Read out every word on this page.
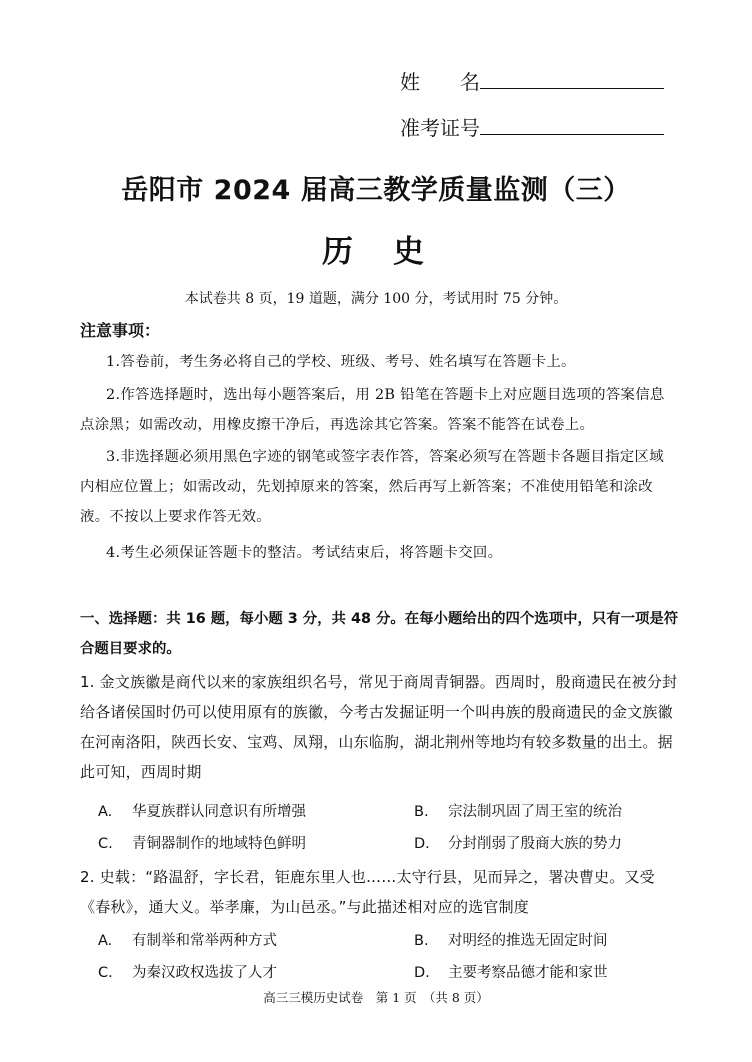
姓　　名
准考证号
岳阳市 2024 届高三教学质量监测（三）
历史
本试卷共 8 页，19 道题，满分 100 分，考试用时 75 分钟。
注意事项：
1.答卷前，考生务必将自己的学校、班级、考号、姓名填写在答题卡上。
2.作答选择题时，选出每小题答案后，用 2B 铅笔在答题卡上对应题目选项的答案信息点涂黑；如需改动，用橡皮擦干净后，再选涂其它答案。答案不能答在试卷上。
3.非选择题必须用黑色字迹的钢笔或签字表作答，答案必须写在答题卡各题目指定区域内相应位置上；如需改动，先划掉原来的答案，然后再写上新答案；不准使用铅笔和涂改液。不按以上要求作答无效。
4.考生必须保证答题卡的整洁。考试结束后，将答题卡交回。
一、选择题：共 16 题，每小题 3 分，共 48 分。在每小题给出的四个选项中，只有一项是符合题目要求的。
1. 金文族徽是商代以来的家族组织名号，常见于商周青铜器。西周时，殷商遗民在被分封给各诸侯国时仍可以使用原有的族徽，今考古发掘证明一个叫冉族的殷商遗民的金文族徽在河南洛阳，陕西长安、宝鸡、凤翔，山东临朐，湖北荆州等地均有较多数量的出土。据此可知，西周时期
A. 华夏族群认同意识有所增强	B. 宗法制巩固了周王室的统治
C. 青铜器制作的地域特色鲜明	D. 分封削弱了殷商大族的势力
2. 史载：“路温舒，字长君，钜鹿东里人也……太守行县，见而异之，署决曹史。又受《春秋》，通大义。举孝廉，为山邑丞。”与此描述相对应的选官制度
A. 有制举和常举两种方式	B. 对明经的推选无固定时间
C. 为秦汉政权选拔了人才	D. 主要考察品德才能和家世
高三三模历史试卷　第 1 页　（共 8 页）
